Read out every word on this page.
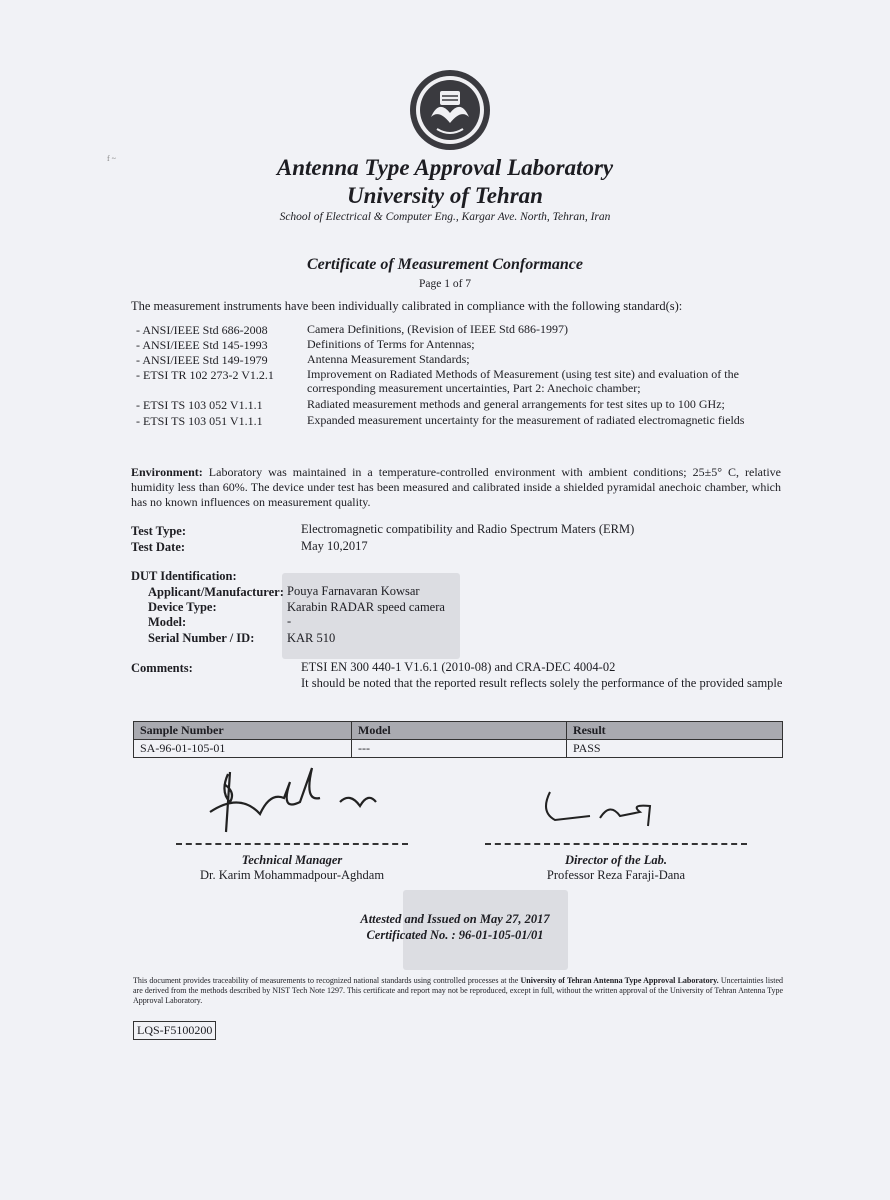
f ~	Antenna Type Approval Laboratory
University of Tehran
School of Electrical & Computer Eng., Kargar Ave. North, Tehran, Iran
Certificate of Measurement Conformance
Page 1 of 7
The measurement instruments have been individually calibrated in compliance with the following standard(s):
- ANSI/IEEE Std 686-2008	Camera Definitions, (Revision of IEEE Std 686-1997)
- ANSI/IEEE Std 145-1993	Definitions of Terms for Antennas;
- ANSI/IEEE Std 149-1979	Antenna Measurement Standards;
- ETSI TR 102 273-2 V1.2.1	Improvement on Radiated Methods of Measurement (using test site) and evaluation of the corresponding measurement uncertainties, Part 2: Anechoic chamber;
- ETSI TS 103 052 V1.1.1	Radiated measurement methods and general arrangements for test sites up to 100 GHz;
- ETSI TS 103 051 V1.1.1	Expanded measurement uncertainty for the measurement of radiated electromagnetic fields
Environment: Laboratory was maintained in a temperature-controlled environment with ambient conditions; 25±5° C, relative humidity less than 60%. The device under test has been measured and calibrated inside a shielded pyramidal anechoic chamber, which has no known influences on measurement quality.
Test Type:	Electromagnetic compatibility and Radio Spectrum Maters (ERM)
Test Date:	May 10,2017
DUT Identification:
Applicant/Manufacturer: Pouya Farnavaran Kowsar
Device Type:	Karabin RADAR speed camera
Model:	-
Serial Number / ID:	KAR 510
Comments:	ETSI EN 300 440-1 V1.6.1 (2010-08) and CRA-DEC 4004-02
It should be noted that the reported result reflects solely the performance of the provided sample
Sample Number	Model	Result
SA-96-01-105-01	---	PASS
Technical Manager
Dr. Karim Mohammadpour-Aghdam
Director of the Lab.
Professor Reza Faraji-Dana
Attested and Issued on May 27, 2017
Certificated No. : 96-01-105-01/01
This document provides traceability of measurements to recognized national standards using controlled processes at the University of Tehran Antenna Type Approval Laboratory. Uncertainties listed are derived from the methods described by NIST Tech Note 1297. This certificate and report may not be reproduced, except in full, without the written approval of the University of Tehran Antenna Type Approval Laboratory.
LQS-F5100200
